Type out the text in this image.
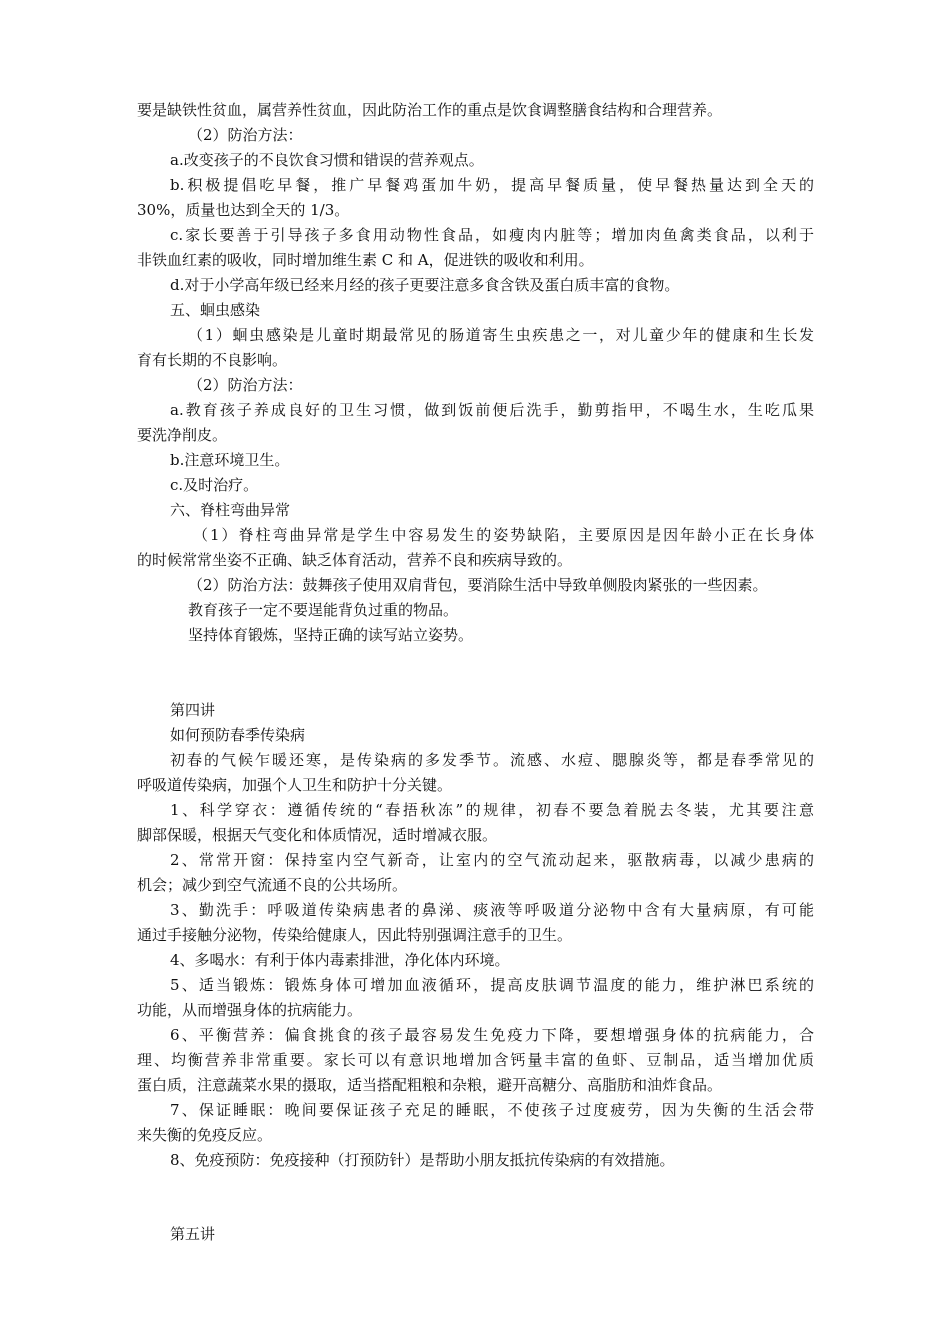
要是缺铁性贫血，属营养性贫血，因此防治工作的重点是饮食调整膳食结构和合理营养。
（2）防治方法：
a.改变孩子的不良饮食习惯和错误的营养观点。
b.积极提倡吃早餐，推广早餐鸡蛋加牛奶，提高早餐质量，使早餐热量达到全天的
30%，质量也达到全天的 1/3。
c.家长要善于引导孩子多食用动物性食品，如瘦肉内脏等；增加肉鱼禽类食品，以利于
非铁血红素的吸收，同时增加维生素 C 和 A，促进铁的吸收和利用。
d.对于小学高年级已经来月经的孩子更要注意多食含铁及蛋白质丰富的食物。
五、蛔虫感染
（1）蛔虫感染是儿童时期最常见的肠道寄生虫疾患之一，对儿童少年的健康和生长发
育有长期的不良影响。
（2）防治方法：
a.教育孩子养成良好的卫生习惯，做到饭前便后洗手，勤剪指甲，不喝生水，生吃瓜果
要洗净削皮。
b.注意环境卫生。
c.及时治疗。
六、脊柱弯曲异常
（1）脊柱弯曲异常是学生中容易发生的姿势缺陷，主要原因是因年龄小正在长身体
的时候常常坐姿不正确、缺乏体育活动，营养不良和疾病导致的。
（2）防治方法：鼓舞孩子使用双肩背包，要消除生活中导致单侧股肉紧张的一些因素。
教育孩子一定不要逞能背负过重的物品。
坚持体育锻炼，坚持正确的读写站立姿势。
第四讲
如何预防春季传染病
初春的气候乍暖还寒，是传染病的多发季节。流感、水痘、腮腺炎等，都是春季常见的
呼吸道传染病，加强个人卫生和防护十分关键。
1、科学穿衣：遵循传统的“春捂秋冻”的规律，初春不要急着脱去冬装，尤其要注意
脚部保暖，根据天气变化和体质情况，适时增减衣服。
2、常常开窗：保持室内空气新奇，让室内的空气流动起来，驱散病毒，以减少患病的
机会；减少到空气流通不良的公共场所。
3、勤洗手：呼吸道传染病患者的鼻涕、痰液等呼吸道分泌物中含有大量病原，有可能
通过手接触分泌物，传染给健康人，因此特别强调注意手的卫生。
4、多喝水：有利于体内毒素排泄，净化体内环境。
5、适当锻炼：锻炼身体可增加血液循环，提高皮肤调节温度的能力，维护淋巴系统的
功能，从而增强身体的抗病能力。
6、平衡营养：偏食挑食的孩子最容易发生免疫力下降，要想增强身体的抗病能力，合
理、均衡营养非常重要。家长可以有意识地增加含钙量丰富的鱼虾、豆制品，适当增加优质
蛋白质，注意蔬菜水果的摄取，适当搭配粗粮和杂粮，避开高糖分、高脂肪和油炸食品。
7、保证睡眠：晚间要保证孩子充足的睡眠，不使孩子过度疲劳，因为失衡的生活会带
来失衡的免疫反应。
8、免疫预防：免疫接种（打预防针）是帮助小朋友抵抗传染病的有效措施。
第五讲
